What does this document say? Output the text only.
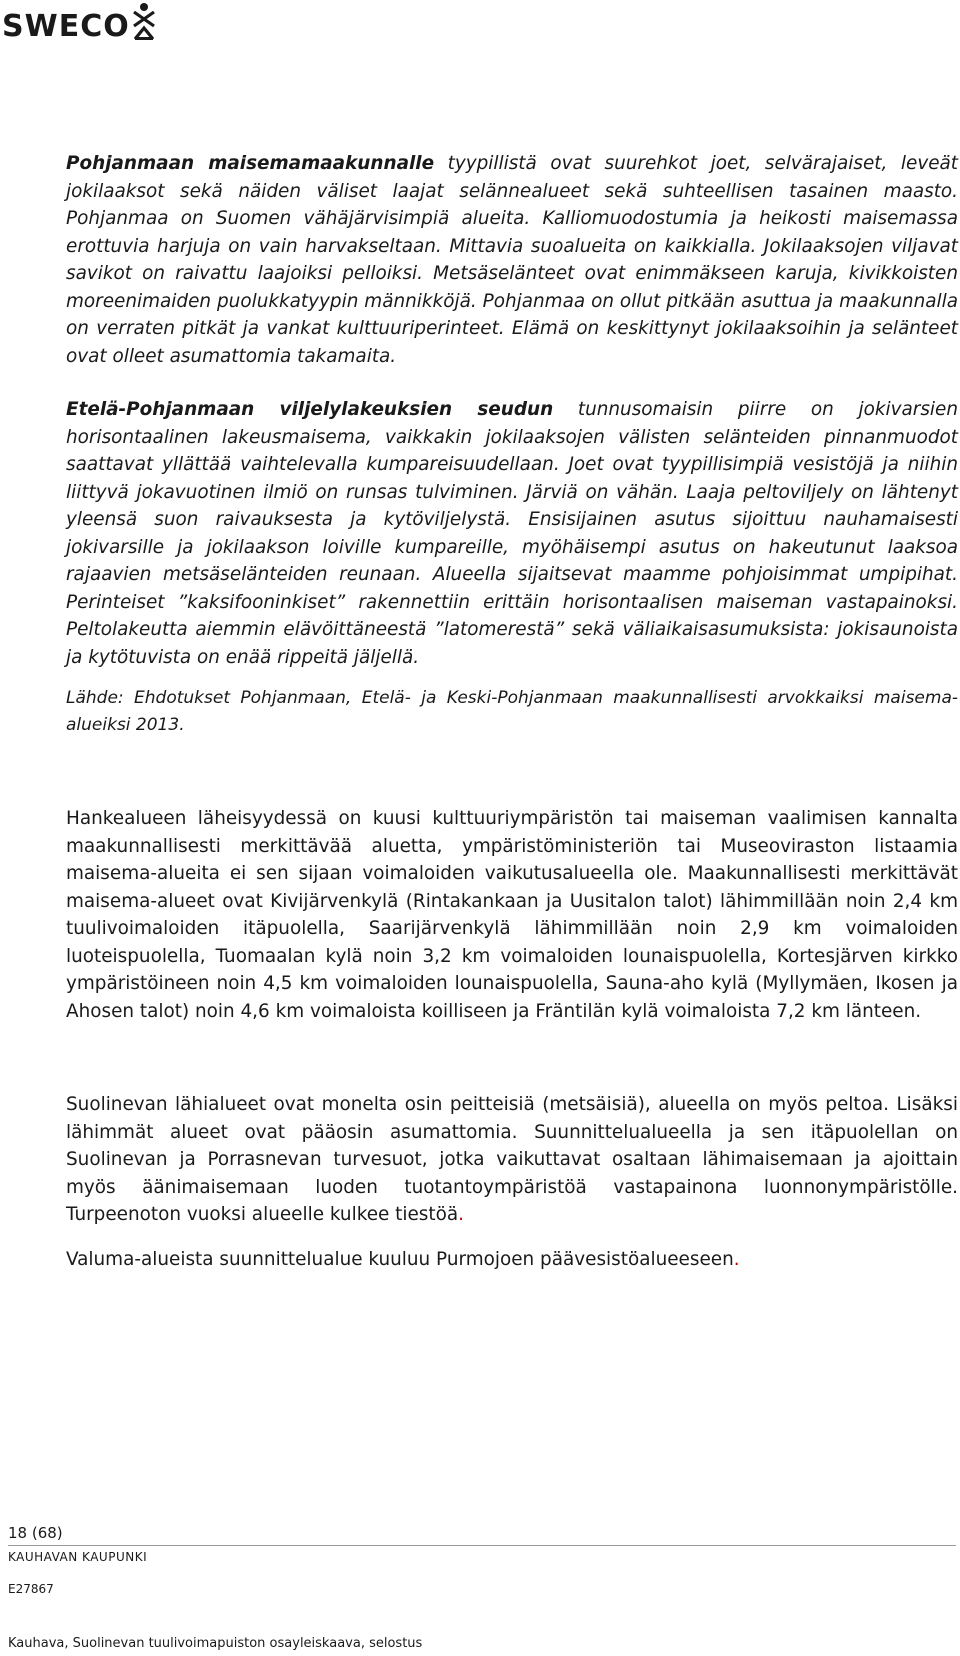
SWECO

Pohjanmaan maisemamaakunnalle tyypillistä ovat suurehkot joet, selvärajaiset, leveät jokilaaksot sekä näiden väliset laajat selännealueet sekä suhteellisen tasainen maasto. Pohjanmaa on Suomen vähäjärvisimpiä alueita. Kalliomuodostumia ja heikosti maisemassa erottuvia harjuja on vain harvakseltaan. Mittavia suoalueita on kaikkialla. Jokilaaksojen viljavat savikot on raivattu laajoiksi pelloiksi. Metsäselänteet ovat enimmäkseen karuja, kivikkoisten moreenimaiden puolukkatyypin männikköjä. Pohjanmaa on ollut pitkään asuttua ja maakunnalla on verraten pitkät ja vankat kulttuuriperinteet. Elämä on keskittynyt jokilaaksoihin ja selänteet ovat olleet asumattomia takamaita.

Etelä-Pohjanmaan viljelylakeuksien seudun tunnusomaisin piirre on jokivarsien horisontaalinen lakeusmaisema, vaikkakin jokilaaksojen välisten selänteiden pinnanmuodot saattavat yllättää vaihtelevalla kumpareisuudellaan. Joet ovat tyypillisimpiä vesistöjä ja niihin liittyvä jokavuotinen ilmiö on runsas tulviminen. Järviä on vähän. Laaja peltoviljely on lähtenyt yleensä suon raivauksesta ja kytöviljelystä. Ensisijainen asutus sijoittuu nauhamaisesti jokivarsille ja jokilaakson loiville kumpareille, myöhäisempi asutus on hakeutunut laaksoa rajaavien metsäselänteiden reunaan. Alueella sijaitsevat maamme pohjoisimmat umpipihat. Perinteiset ”kaksifooninkiset” rakennettiin erittäin horisontaalisen maiseman vastapainoksi. Peltolakeutta aiemmin elävöittäneestä ”latomerestä” sekä väliaikaisasumuksista: jokisaunoista ja kytötuvista on enää rippeitä jäljellä.

Lähde: Ehdotukset Pohjanmaan, Etelä- ja Keski-Pohjanmaan maakunnallisesti arvokkaiksi maisema-alueiksi 2013.

Hankealueen läheisyydessä on kuusi kulttuuriympäristön tai maiseman vaalimisen kannalta maakunnallisesti merkittävää aluetta, ympäristöministeriön tai Museoviraston listaamia maisema-alueita ei sen sijaan voimaloiden vaikutusalueella ole. Maakunnallisesti merkittävät maisema-alueet ovat Kivijärvenkylä (Rintakankaan ja Uusitalon talot) lähimmillään noin 2,4 km tuulivoimaloiden itäpuolella, Saarijärvenkylä lähimmillään noin 2,9 km voimaloiden luoteispuolella, Tuomaalan kylä noin 3,2 km voimaloiden lounaispuolella, Kortesjärven kirkko ympäristöineen noin 4,5 km voimaloiden lounaispuolella, Sauna-aho kylä (Myllymäen, Ikosen ja Ahosen talot) noin 4,6 km voimaloista koilliseen ja Fräntilän kylä voimaloista 7,2 km länteen.

Suolinevan lähialueet ovat monelta osin peitteisiä (metsäisiä), alueella on myös peltoa. Lisäksi lähimmät alueet ovat pääosin asumattomia. Suunnittelualueella ja sen itäpuolellan on Suolinevan ja Porrasnevan turvesuot, jotka vaikuttavat osaltaan lähimaisemaan ja ajoittain myös äänimaisemaan luoden tuotantoympäristöä vastapainona luonnonympäristölle. Turpeenoton vuoksi alueelle kulkee tiestöä.

Valuma-alueista suunnittelualue kuuluu Purmojoen päävesistöalueeseen.

18 (68)
KAUHAVAN KAUPUNKI
E27867
Kauhava, Suolinevan tuulivoimapuiston osayleiskaava, selostus
